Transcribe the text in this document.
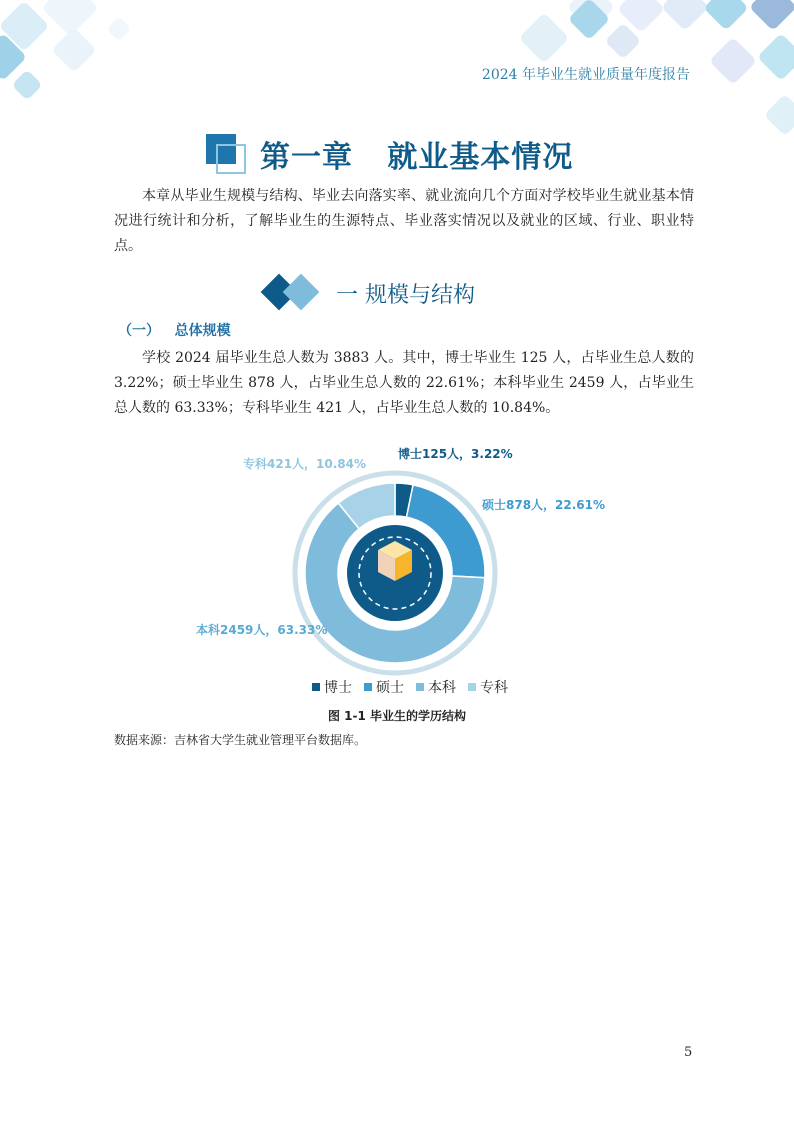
2024 年毕业生就业质量年度报告
第一章   就业基本情况
本章从毕业生规模与结构、毕业去向落实率、就业流向几个方面对学校毕业生就业基本情况进行统计和分析，了解毕业生的生源特点、毕业落实情况以及就业的区域、行业、职业特点。
一 规模与结构
（一）   总体规模
学校 2024 届毕业生总人数为 3883 人。其中，博士毕业生 125 人，占毕业生总人数的 3.22%；硕士毕业生 878 人，占毕业生总人数的 22.61%；本科毕业生 2459 人，占毕业生总人数的 63.33%；专科毕业生 421 人，占毕业生总人数的 10.84%。
博士125人，3.22%
硕士878人，22.61%
本科2459人，63.33%
专科421人，10.84%
博士 硕士 本科 专科
图 1-1 毕业生的学历结构
数据来源：吉林省大学生就业管理平台数据库。
5
